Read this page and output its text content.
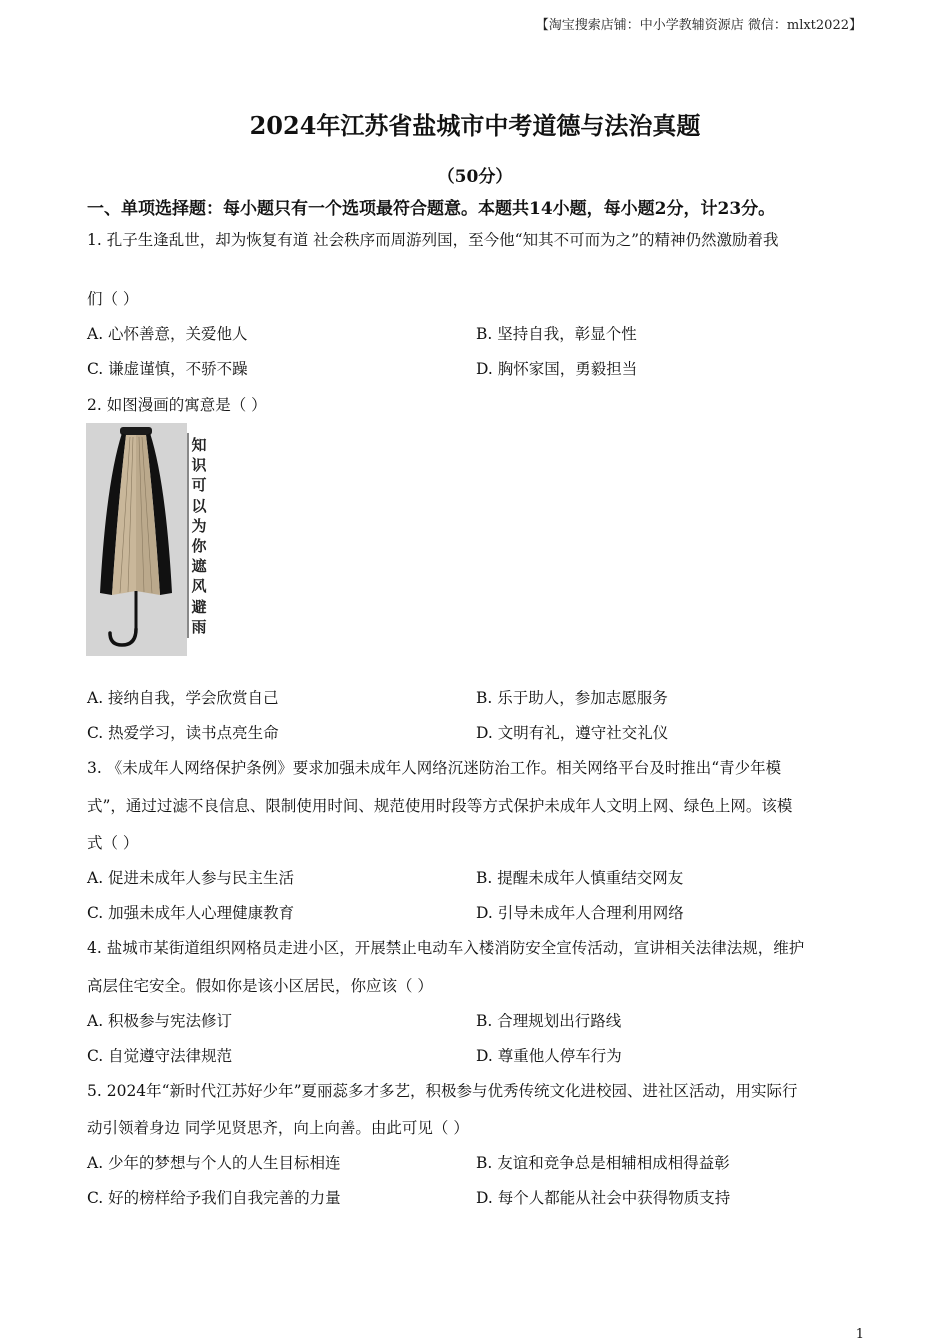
【淘宝搜索店铺：中小学教辅资源店 微信：mlxt2022】
2024年江苏省盐城市中考道德与法治真题
（50分）
一、单项选择题：每小题只有一个选项最符合题意。本题共14小题，每小题2分，计23分。
1. 孔子生逢乱世，却为恢复有道 社会秩序而周游列国，至今他“知其不可而为之”的精神仍然激励着我
们（ ）
A. 心怀善意，关爱他人	B. 坚持自我，彰显个性
C. 谦虚谨慎，不骄不躁	D. 胸怀家国，勇毅担当
2. 如图漫画的寓意是（ ）
知识可以为你遮风避雨
A. 接纳自我，学会欣赏自己	B. 乐于助人，参加志愿服务
C. 热爱学习，读书点亮生命	D. 文明有礼，遵守社交礼仪
3. 《未成年人网络保护条例》要求加强未成年人网络沉迷防治工作。相关网络平台及时推出“青少年模
式”，通过过滤不良信息、限制使用时间、规范使用时段等方式保护未成年人文明上网、绿色上网。该模
式（ ）
A. 促进未成年人参与民主生活	B. 提醒未成年人慎重结交网友
C. 加强未成年人心理健康教育	D. 引导未成年人合理利用网络
4. 盐城市某街道组织网格员走进小区，开展禁止电动车入楼消防安全宣传活动，宣讲相关法律法规，维护
高层住宅安全。假如你是该小区居民，你应该（ ）
A. 积极参与宪法修订	B. 合理规划出行路线
C. 自觉遵守法律规范	D. 尊重他人停车行为
5. 2024年“新时代江苏好少年”夏丽蕊多才多艺，积极参与优秀传统文化进校园、进社区活动，用实际行
动引领着身边 同学见贤思齐，向上向善。由此可见（ ）
A. 少年的梦想与个人的人生目标相连	B. 友谊和竞争总是相辅相成相得益彰
C. 好的榜样给予我们自我完善的力量	D. 每个人都能从社会中获得物质支持
1
